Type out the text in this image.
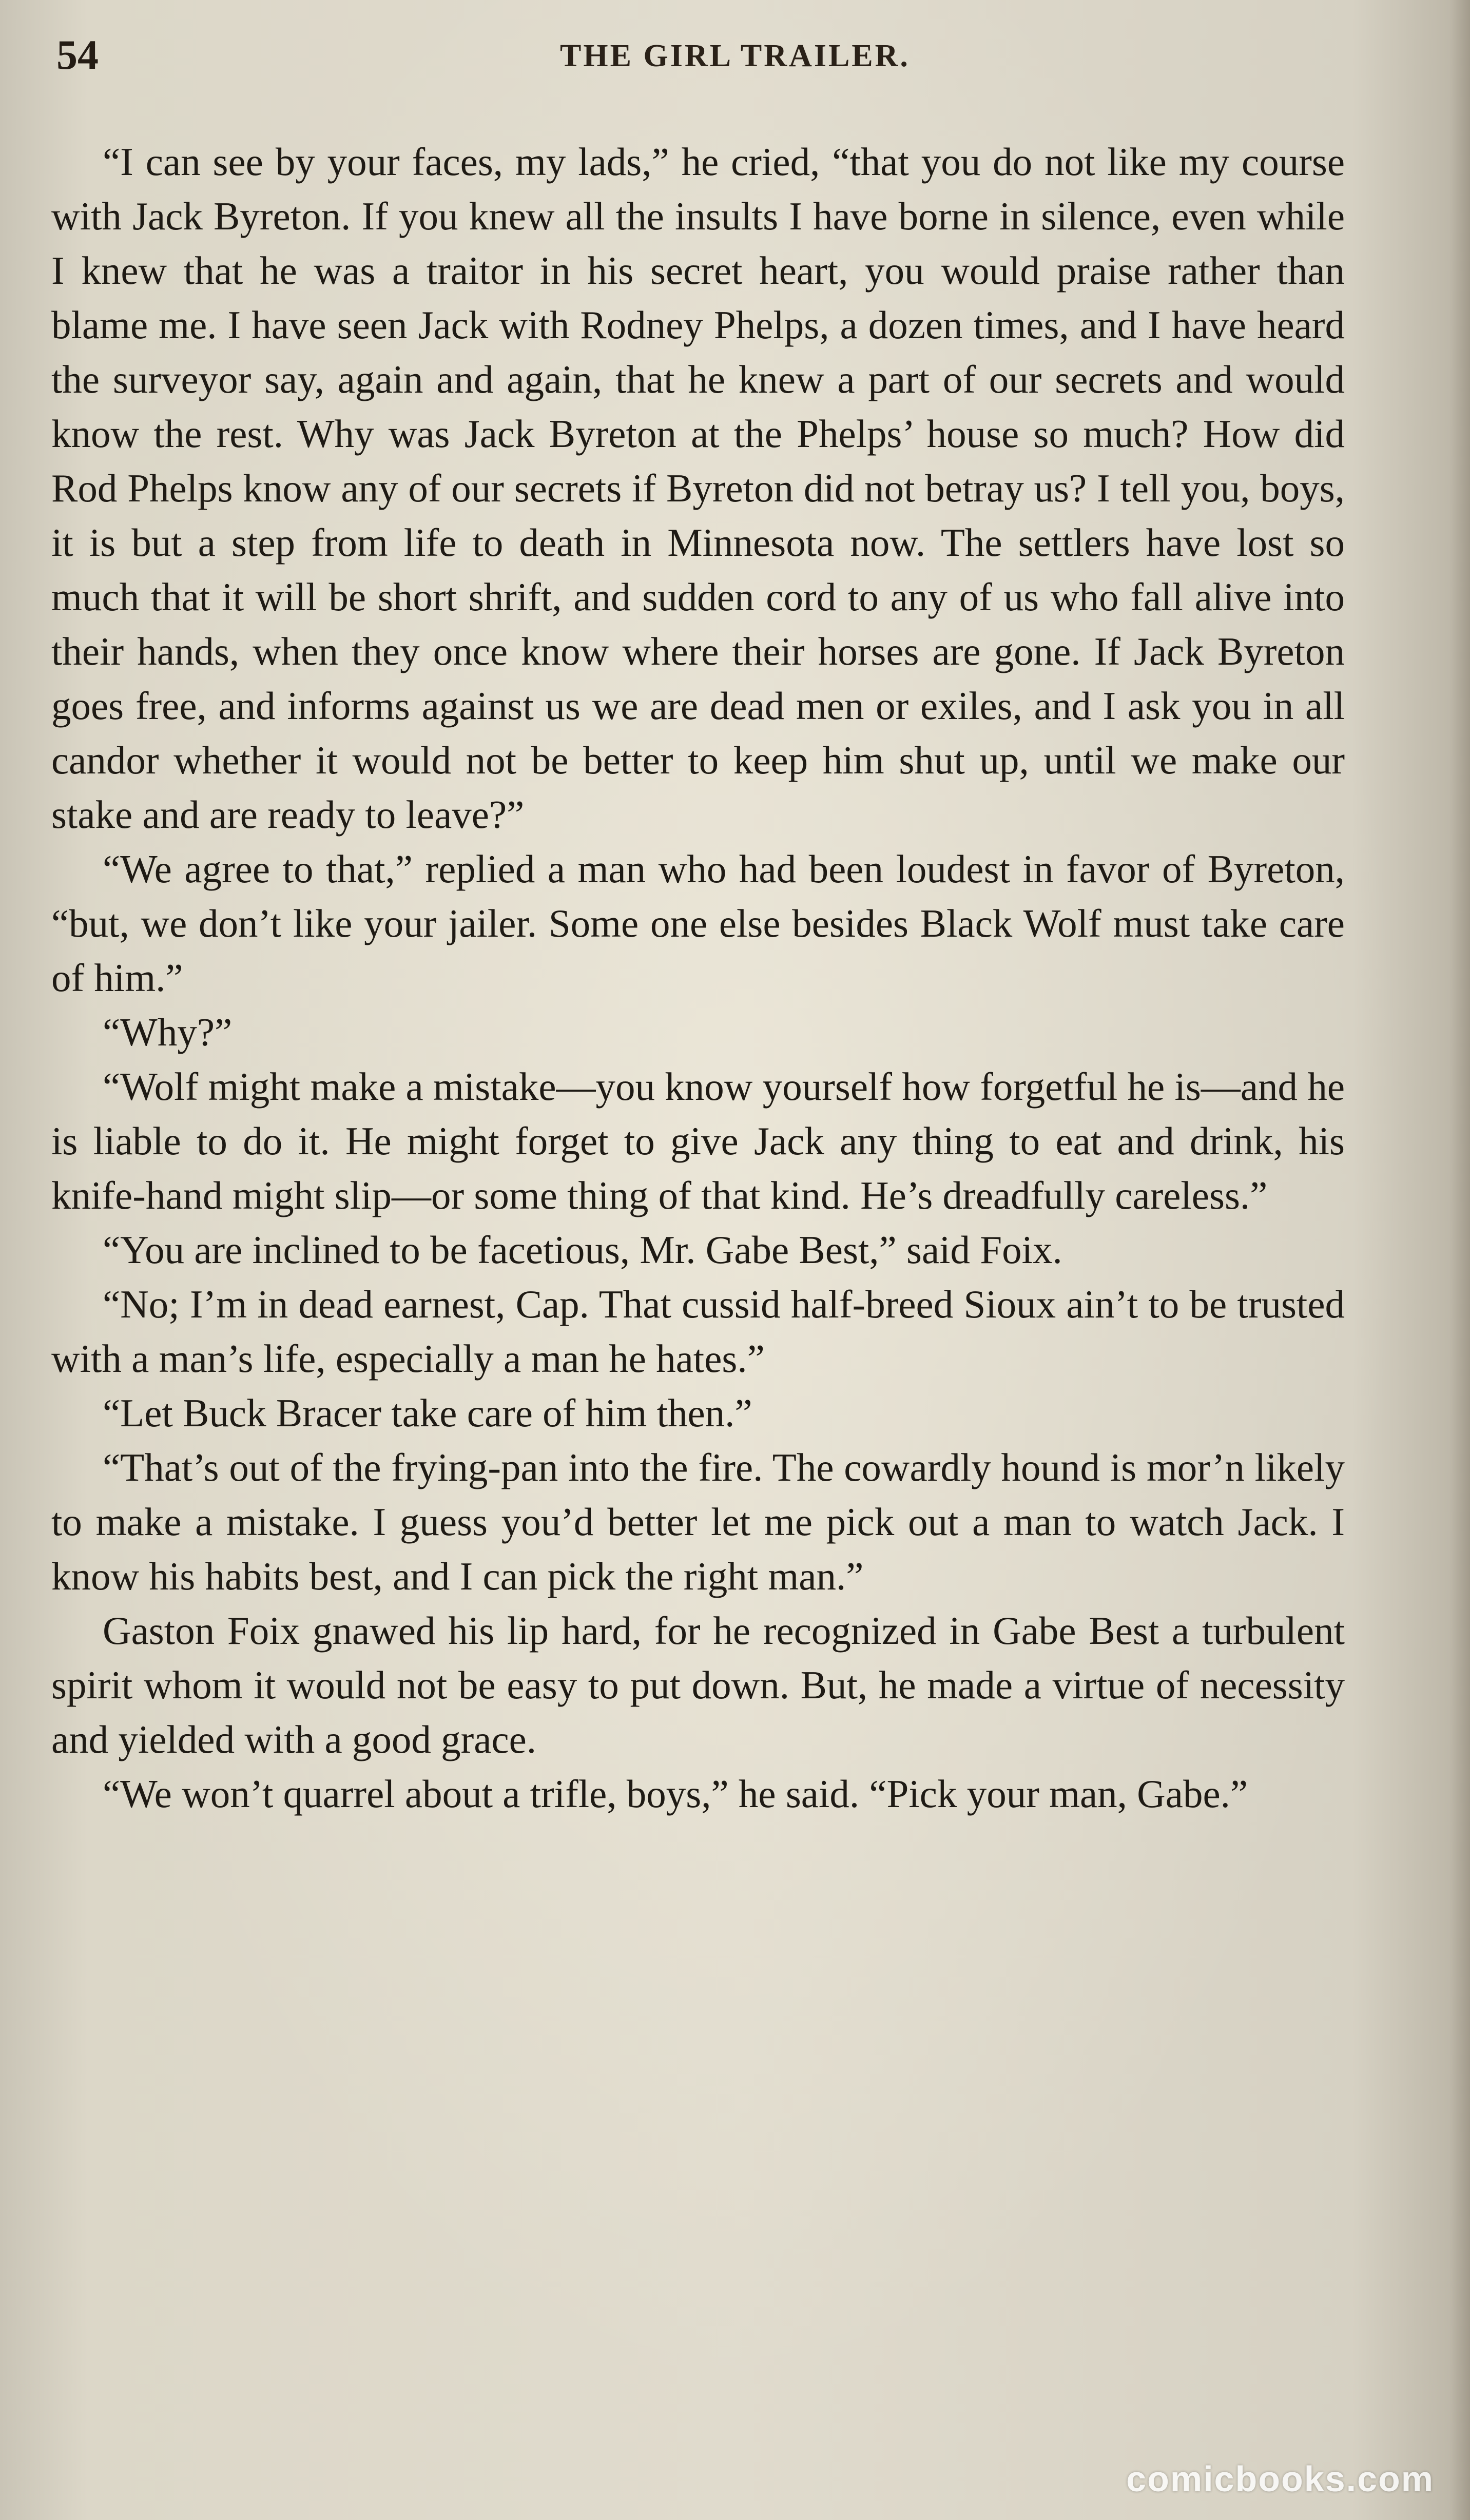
54	THE GIRL TRAILER.

“I can see by your faces, my lads,” he cried, “that you do not like my course with Jack Byreton. If you knew all the insults I have borne in silence, even while I knew that he was a traitor in his secret heart, you would praise rather than blame me. I have seen Jack with Rodney Phelps, a dozen times, and I have heard the surveyor say, again and again, that he knew a part of our secrets and would know the rest. Why was Jack Byreton at the Phelps’ house so much? How did Rod Phelps know any of our secrets if Byreton did not betray us? I tell you, boys, it is but a step from life to death in Minnesota now. The settlers have lost so much that it will be short shrift, and sudden cord to any of us who fall alive into their hands, when they once know where their horses are gone. If Jack Byreton goes free, and informs against us we are dead men or exiles, and I ask you in all candor whether it would not be better to keep him shut up, until we make our stake and are ready to leave?”

“We agree to that,” replied a man who had been loudest in favor of Byreton, “but, we don’t like your jailer. Some one else besides Black Wolf must take care of him.”

“Why?”

“Wolf might make a mistake—you know yourself how forgetful he is—and he is liable to do it. He might forget to give Jack any thing to eat and drink, his knife-hand might slip—or some thing of that kind. He’s dreadfully careless.”

“You are inclined to be facetious, Mr. Gabe Best,” said Foix.

“No; I’m in dead earnest, Cap. That cussid half-breed Sioux ain’t to be trusted with a man’s life, especially a man he hates.”

“Let Buck Bracer take care of him then.”

“That’s out of the frying-pan into the fire. The cowardly hound is mor’n likely to make a mistake. I guess you’d better let me pick out a man to watch Jack. I know his habits best, and I can pick the right man.”

Gaston Foix gnawed his lip hard, for he recognized in Gabe Best a turbulent spirit whom it would not be easy to put down. But, he made a virtue of necessity and yielded with a good grace.

“We won’t quarrel about a trifle, boys,” he said. “Pick your man, Gabe.”

comicbooks.com
